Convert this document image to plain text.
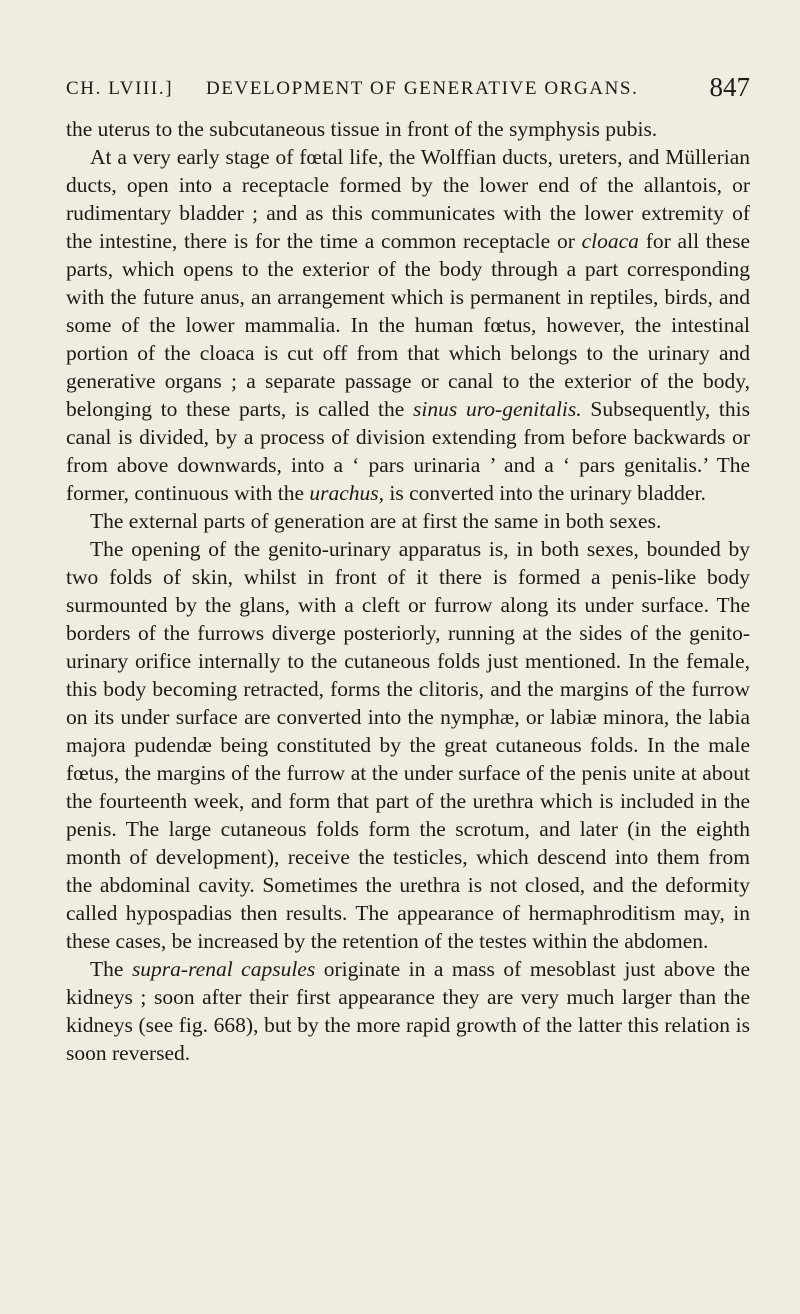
CH. LVIII.] DEVELOPMENT OF GENERATIVE ORGANS.	847

the uterus to the subcutaneous tissue in front of the symphysis pubis.

At a very early stage of fœtal life, the Wolffian ducts, ureters, and Müllerian ducts, open into a receptacle formed by the lower end of the allantois, or rudimentary bladder ; and as this communicates with the lower extremity of the intestine, there is for the time a common receptacle or cloaca for all these parts, which opens to the exterior of the body through a part corresponding with the future anus, an arrangement which is permanent in reptiles, birds, and some of the lower mammalia. In the human fœtus, however, the intestinal portion of the cloaca is cut off from that which belongs to the urinary and generative organs ; a separate passage or canal to the exterior of the body, belonging to these parts, is called the sinus uro-genitalis. Subsequently, this canal is divided, by a process of division extending from before backwards or from above downwards, into a ‘ pars urinaria ’ and a ‘ pars genitalis.’ The former, continuous with the urachus, is converted into the urinary bladder.

The external parts of generation are at first the same in both sexes.

The opening of the genito-urinary apparatus is, in both sexes, bounded by two folds of skin, whilst in front of it there is formed a penis-like body surmounted by the glans, with a cleft or furrow along its under surface. The borders of the furrows diverge posteriorly, running at the sides of the genito-urinary orifice internally to the cutaneous folds just mentioned. In the female, this body becoming retracted, forms the clitoris, and the margins of the furrow on its under surface are converted into the nymphæ, or labiæ minora, the labia majora pudendæ being constituted by the great cutaneous folds. In the male fœtus, the margins of the furrow at the under surface of the penis unite at about the fourteenth week, and form that part of the urethra which is included in the penis. The large cutaneous folds form the scrotum, and later (in the eighth month of development), receive the testicles, which descend into them from the abdominal cavity. Sometimes the urethra is not closed, and the deformity called hypospadias then results. The appearance of hermaphroditism may, in these cases, be increased by the retention of the testes within the abdomen.

The supra-renal capsules originate in a mass of mesoblast just above the kidneys ; soon after their first appearance they are very much larger than the kidneys (see fig. 668), but by the more rapid growth of the latter this relation is soon reversed.
